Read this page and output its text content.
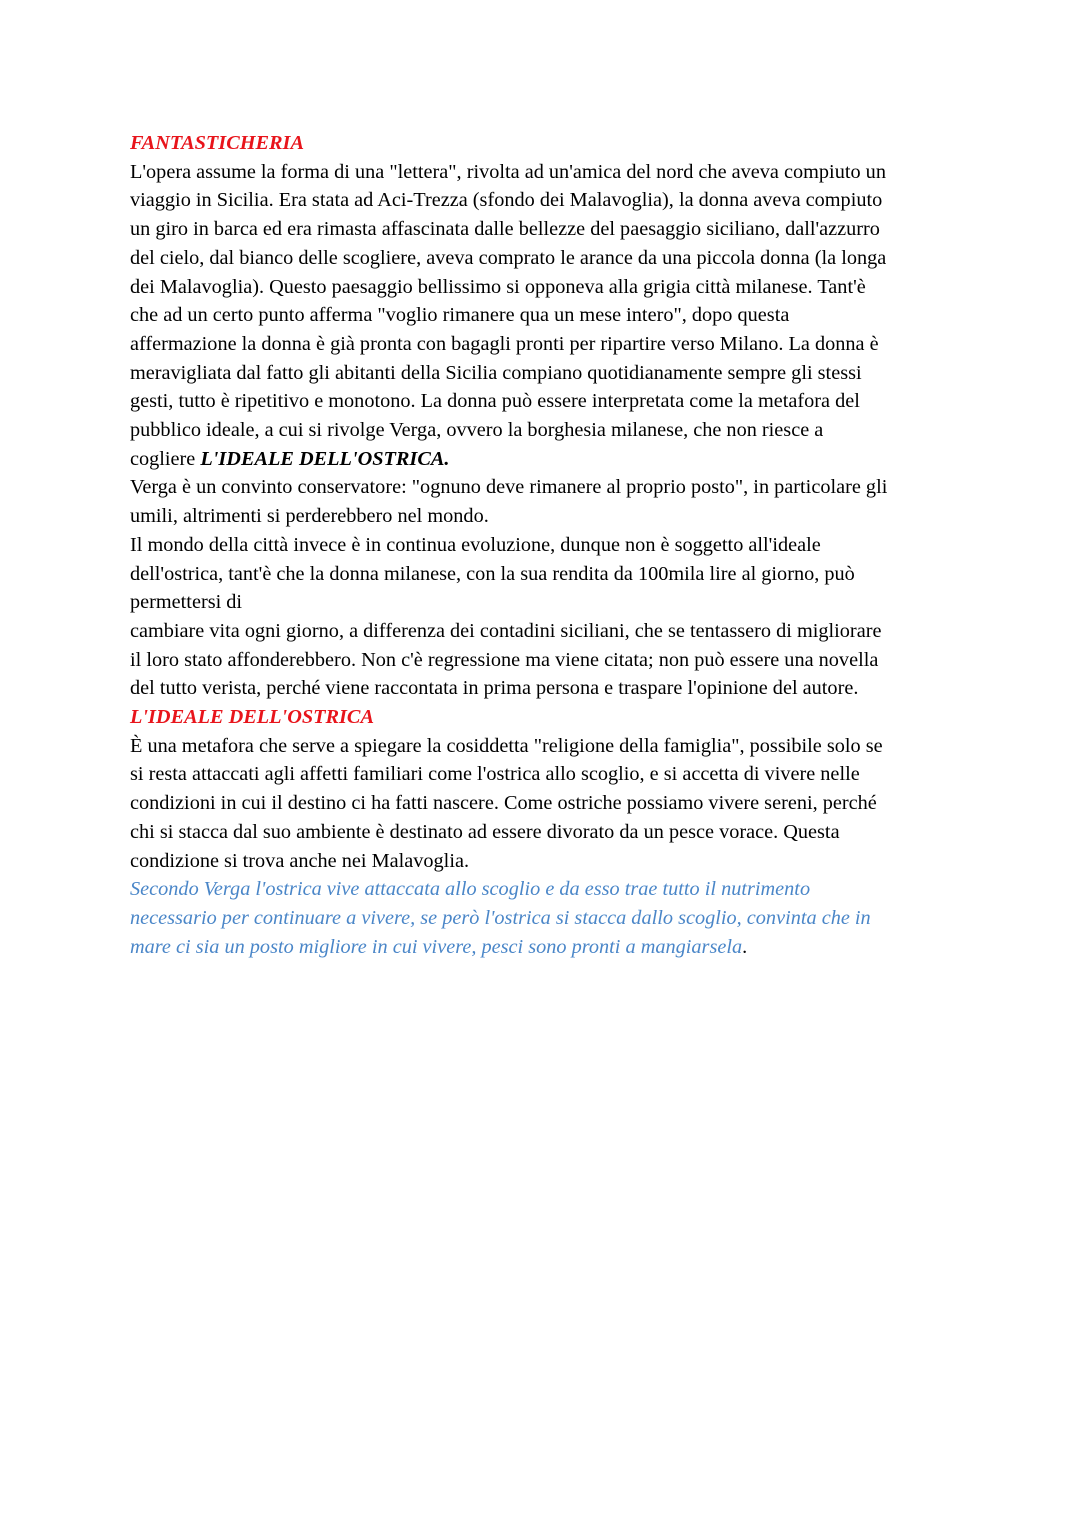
FANTASTICHERIA
L'opera assume la forma di una "lettera", rivolta ad un'amica del nord che aveva compiuto un
viaggio in Sicilia. Era stata ad Aci-Trezza (sfondo dei Malavoglia), la donna aveva compiuto
un giro in barca ed era rimasta affascinata dalle bellezze del paesaggio siciliano, dall'azzurro
del cielo, dal bianco delle scogliere, aveva comprato le arance da una piccola donna (la longa
dei Malavoglia). Questo paesaggio bellissimo si opponeva alla grigia città milanese. Tant'è
che ad un certo punto afferma "voglio rimanere qua un mese intero", dopo questa
affermazione la donna è già pronta con bagagli pronti per ripartire verso Milano. La donna è
meravigliata dal fatto gli abitanti della Sicilia compiano quotidianamente sempre gli stessi
gesti, tutto è ripetitivo e monotono. La donna può essere interpretata come la metafora del
pubblico ideale, a cui si rivolge Verga, ovvero la borghesia milanese, che non riesce a
cogliere L'IDEALE DELL'OSTRICA.
Verga è un convinto conservatore: "ognuno deve rimanere al proprio posto", in particolare gli
umili, altrimenti si perderebbero nel mondo.
Il mondo della città invece è in continua evoluzione, dunque non è soggetto all'ideale
dell'ostrica, tant'è che la donna milanese, con la sua rendita da 100mila lire al giorno, può
permettersi di
cambiare vita ogni giorno, a differenza dei contadini siciliani, che se tentassero di migliorare
il loro stato affonderebbero. Non c'è regressione ma viene citata; non può essere una novella
del tutto verista, perché viene raccontata in prima persona e traspare l'opinione del autore.
L'IDEALE DELL'OSTRICA
È una metafora che serve a spiegare la cosiddetta "religione della famiglia", possibile solo se
si resta attaccati agli affetti familiari come l'ostrica allo scoglio, e si accetta di vivere nelle
condizioni in cui il destino ci ha fatti nascere. Come ostriche possiamo vivere sereni, perché
chi si stacca dal suo ambiente è destinato ad essere divorato da un pesce vorace. Questa
condizione si trova anche nei Malavoglia.
Secondo Verga l'ostrica vive attaccata allo scoglio e da esso trae tutto il nutrimento
necessario per continuare a vivere, se però l'ostrica si stacca dallo scoglio, convinta che in
mare ci sia un posto migliore in cui vivere, pesci sono pronti a mangiarsela.
